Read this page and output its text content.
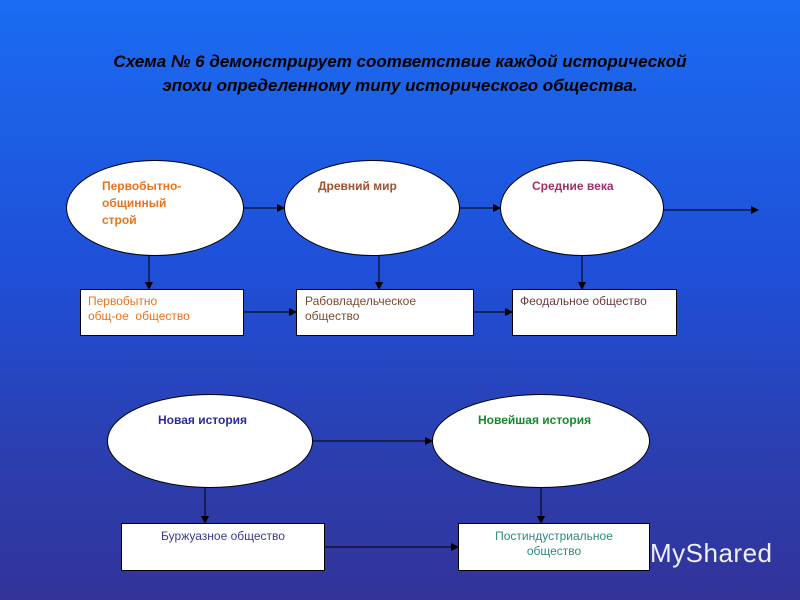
Схема № 6 демонстрирует соответствие каждой исторической
эпохи определенному типу исторического общества.
Первобытно-
общинный
строй
Древний мир	Средние века
Новая история	Новейшая история
Первобытно
общ-ое  общество
Рабовладельческое
общество
Феодальное общество
Буржуазное общество	Постиндустриальное
общество	MyShared
